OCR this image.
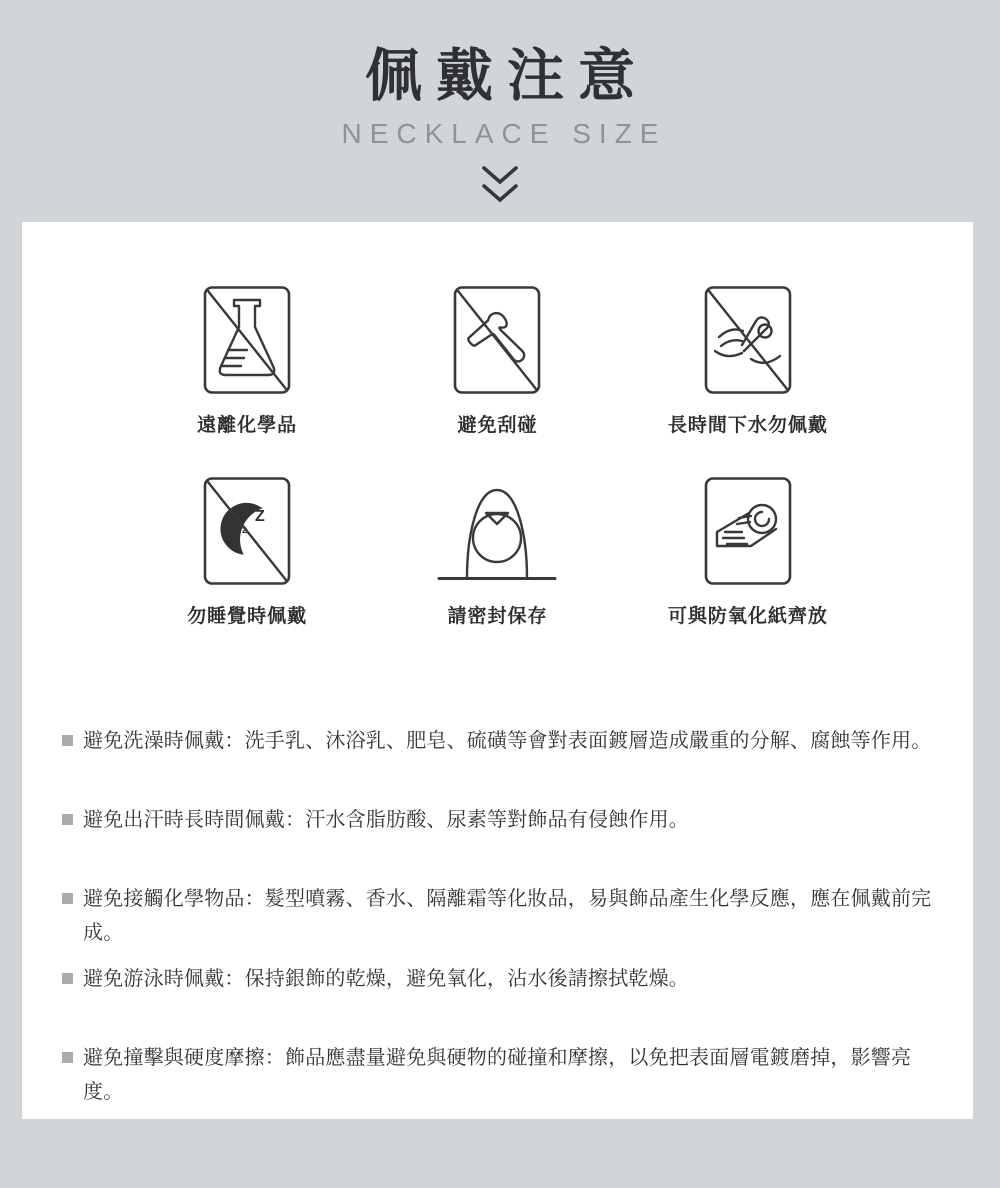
佩戴注意
NECKLACE SIZE
遠離化學品	避免刮碰	長時間下水勿佩戴
Z
z
勿睡覺時佩戴	請密封保存	可與防氧化紙齊放

避免洗澡時佩戴：洗手乳、沐浴乳、肥皂、硫磺等會對表面鍍層造成嚴重的分解、腐蝕等作用。

避免出汗時長時間佩戴：汗水含脂肪酸、尿素等對飾品有侵蝕作用。

避免接觸化學物品：髮型噴霧、香水、隔離霜等化妝品，易與飾品產生化學反應，應在佩戴前完成。

避免游泳時佩戴：保持銀飾的乾燥，避免氧化，沾水後請擦拭乾燥。

避免撞擊與硬度摩擦：飾品應盡量避免與硬物的碰撞和摩擦，以免把表面層電鍍磨掉，影響亮度。
